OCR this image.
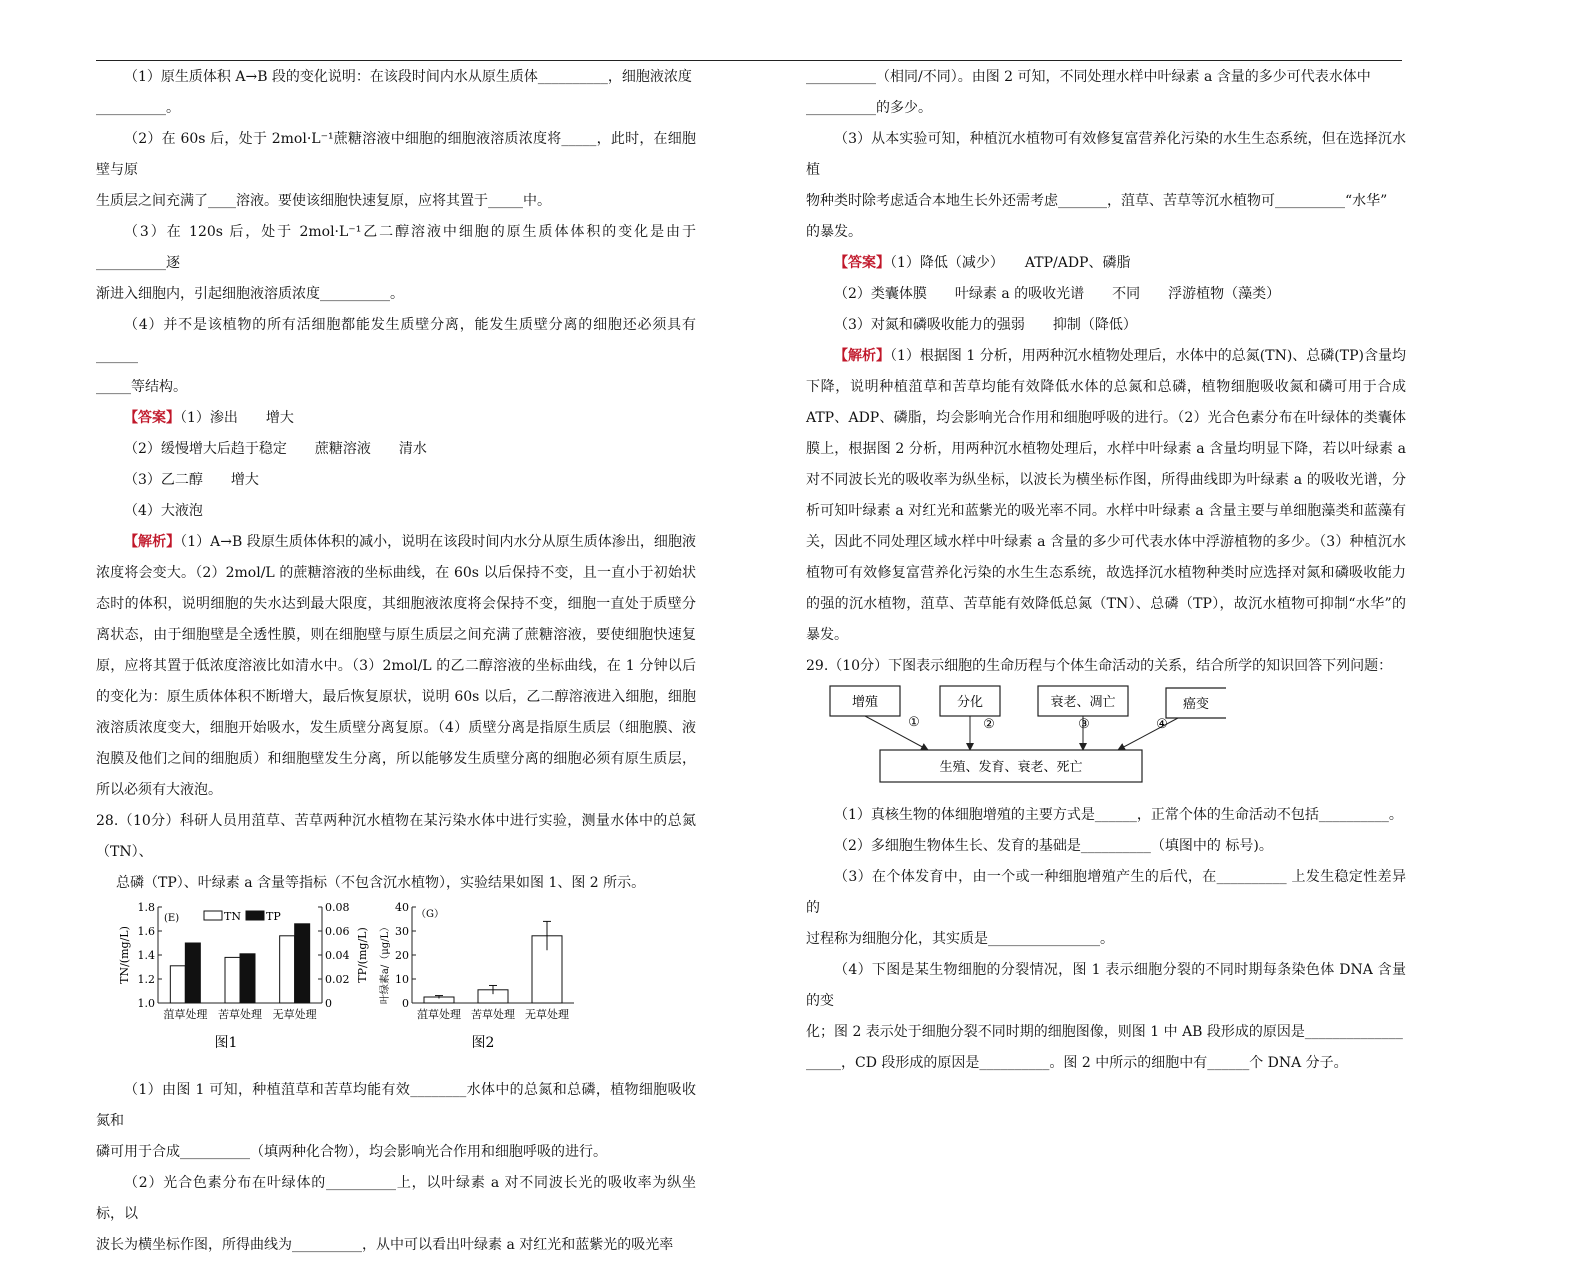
（1）原生质体积 A→B 段的变化说明：在该段时间内水从原生质体__________，细胞液浓度

__________。

（2）在 60s 后，处于 2mol·L⁻¹蔗糖溶液中细胞的细胞液溶质浓度将_____，此时，在细胞壁与原

生质层之间充满了____溶液。要使该细胞快速复原，应将其置于_____中。

（3）在 120s 后，处于 2mol·L⁻¹乙二醇溶液中细胞的原生质体体积的变化是由于__________逐

渐进入细胞内，引起细胞液溶质浓度__________。

（4）并不是该植物的所有活细胞都能发生质壁分离，能发生质壁分离的细胞还必须具有______

_____等结构。

【答案】（1）渗出　　增大

（2）缓慢增大后趋于稳定　　蔗糖溶液　　清水

（3）乙二醇　　增大

（4）大液泡

【解析】（1）A→B 段原生质体体积的减小，说明在该段时间内水分从原生质体渗出，细胞液浓度将会变大。（2）2mol/L 的蔗糖溶液的坐标曲线，在 60s 以后保持不变，且一直小于初始状态时的体积，说明细胞的失水达到最大限度，其细胞液浓度将会保持不变，细胞一直处于质壁分离状态，由于细胞壁是全透性膜，则在细胞壁与原生质层之间充满了蔗糖溶液，要使细胞快速复原，应将其置于低浓度溶液比如清水中。（3）2mol/L 的乙二醇溶液的坐标曲线，在 1 分钟以后的变化为：原生质体体积不断增大，最后恢复原状，说明 60s 以后，乙二醇溶液进入细胞，细胞液溶质浓度变大，细胞开始吸水，发生质壁分离复原。（4）质壁分离是指原生质层（细胞膜、液泡膜及他们之间的细胞质）和细胞壁发生分离，所以能够发生质壁分离的细胞必须有原生质层，所以必须有大液泡。

28.（10分）科研人员用菹草、苦草两种沉水植物在某污染水体中进行实验，测量水体中的总氮（TN）、

总磷（TP）、叶绿素 a 含量等指标（不包含沉水植物），实验结果如图 1、图 2 所示。

1.0
1.2
1.4
1.6
1.8
0
0.02
0.04
0.06
0.08
菹草处理 苦草处理 无草处理
(E)	TN TP
TN/(mg/L)	TP/(mg/L)
图1
0
10
20
30
40
菹草处理 苦草处理 无草处理
（G）
叶绿素a/（μg/L）
图2

（1）由图 1 可知，种植菹草和苦草均能有效________水体中的总氮和总磷，植物细胞吸收氮和

磷可用于合成__________（填两种化合物），均会影响光合作用和细胞呼吸的进行。

（2）光合色素分布在叶绿体的__________上，以叶绿素 a 对不同波长光的吸收率为纵坐标，以

波长为横坐标作图，所得曲线为__________，从中可以看出叶绿素 a 对红光和蓝紫光的吸光率

__________（相同/不同）。由图 2 可知，不同处理水样中叶绿素 a 含量的多少可代表水体中

__________的多少。

（3）从本实验可知，种植沉水植物可有效修复富营养化污染的水生生态系统，但在选择沉水植

物种类时除考虑适合本地生长外还需考虑_______，菹草、苦草等沉水植物可__________“水华”

的暴发。

【答案】（1）降低（减少）　　ATP/ADP、磷脂

（2）类囊体膜　　叶绿素 a 的吸收光谱　　不同　　浮游植物（藻类）

（3）对氮和磷吸收能力的强弱　　抑制（降低）

【解析】（1）根据图 1 分析，用两种沉水植物处理后，水体中的总氮(TN)、总磷(TP)含量均下降，说明种植菹草和苦草均能有效降低水体的总氮和总磷，植物细胞吸收氮和磷可用于合成 ATP、ADP、磷脂，均会影响光合作用和细胞呼吸的进行。（2）光合色素分布在叶绿体的类囊体膜上，根据图 2 分析，用两种沉水植物处理后，水样中叶绿素 a 含量均明显下降，若以叶绿素 a 对不同波长光的吸收率为纵坐标，以波长为横坐标作图，所得曲线即为叶绿素 a 的吸收光谱，分析可知叶绿素 a 对红光和蓝紫光的吸光率不同。水样中叶绿素 a 含量主要与单细胞藻类和蓝藻有关，因此不同处理区域水样中叶绿素 a 含量的多少可代表水体中浮游植物的多少。（3）种植沉水植物可有效修复富营养化污染的水生生态系统，故选择沉水植物种类时应选择对氮和磷吸收能力的强的沉水植物，菹草、苦草能有效降低总氮（TN）、总磷（TP），故沉水植物可抑制“水华”的暴发。

29.（10分）下图表示细胞的生命历程与个体生命活动的关系，结合所学的知识回答下列问题：

增殖	分化	衰老、凋亡	癌变
①	②	③	④
生殖、发育、衰老、死亡

（1）真核生物的体细胞增殖的主要方式是______，正常个体的生命活动不包括__________。

（2）多细胞生物体生长、发育的基础是__________（填图中的 标号)。

（3）在个体发育中，由一个或一种细胞增殖产生的后代，在__________ 上发生稳定性差异的

过程称为细胞分化，其实质是________________。

（4）下图是某生物细胞的分裂情况，图 1 表示细胞分裂的不同时期每条染色体 DNA 含量的变

化；图 2 表示处于细胞分裂不同时期的细胞图像，则图 1 中 AB 段形成的原因是______________

_____，CD 段形成的原因是__________。图 2 中所示的细胞中有______个 DNA 分子。
